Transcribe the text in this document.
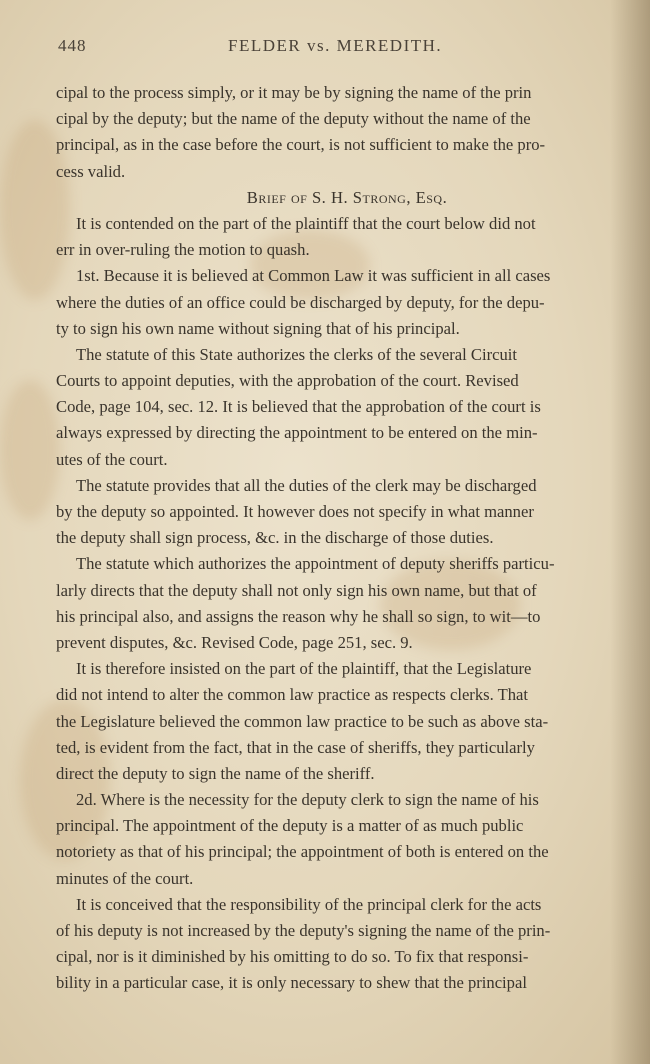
448	FELDER vs. MEREDITH.
cipal to the process simply, or it may be by signing the name of the prin
cipal by the deputy; but the name of the deputy without the name of the
principal, as in the case before the court, is not sufficient to make the pro-
cess valid.
Brief of S. H. Strong, Esq.
It is contended on the part of the plaintiff that the court below did not
err in over-ruling the motion to quash.
1st. Because it is believed at Common Law it was sufficient in all cases
where the duties of an office could be discharged by deputy, for the depu-
ty to sign his own name without signing that of his principal.
The statute of this State authorizes the clerks of the several Circuit
Courts to appoint deputies, with the approbation of the court. Revised
Code, page 104, sec. 12. It is believed that the approbation of the court is
always expressed by directing the appointment to be entered on the min-
utes of the court.
The statute provides that all the duties of the clerk may be discharged
by the deputy so appointed. It however does not specify in what manner
the deputy shall sign process, &c. in the discharge of those duties.
The statute which authorizes the appointment of deputy sheriffs particu-
larly directs that the deputy shall not only sign his own name, but that of
his principal also, and assigns the reason why he shall so sign, to wit—to
prevent disputes, &c. Revised Code, page 251, sec. 9.
It is therefore insisted on the part of the plaintiff, that the Legislature
did not intend to alter the common law practice as respects clerks. That
the Legislature believed the common law practice to be such as above sta-
ted, is evident from the fact, that in the case of sheriffs, they particularly
direct the deputy to sign the name of the sheriff.
2d. Where is the necessity for the deputy clerk to sign the name of his
principal. The appointment of the deputy is a matter of as much public
notoriety as that of his principal; the appointment of both is entered on the
minutes of the court.
It is conceived that the responsibility of the principal clerk for the acts
of his deputy is not increased by the deputy's signing the name of the prin-
cipal, nor is it diminished by his omitting to do so. To fix that responsi-
bility in a particular case, it is only necessary to shew that the principal
